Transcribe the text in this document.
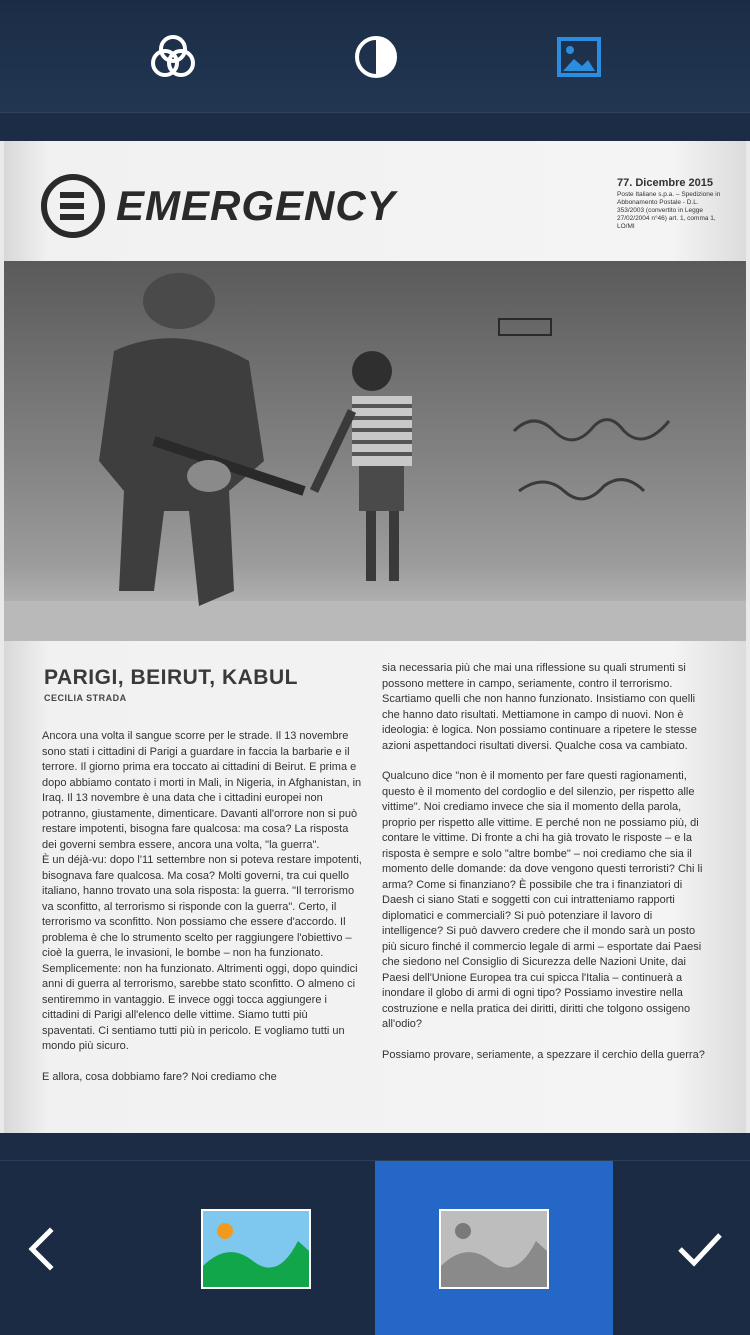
EMERGENCY	77. Dicembre 2015
Poste Italiane s.p.a. – Spedizione in Abbonamento Postale - D.L. 353/2003 (convertito in Legge 27/02/2004 n°46) art. 1, comma 1, LO/MI
PARIGI, BEIRUT, KABUL
CECILIA STRADA

Ancora una volta il sangue scorre per le strade. Il 13 novembre sono stati i cittadini di Parigi a guardare in faccia la barbarie e il terrore. Il giorno prima era toccato ai cittadini di Beirut. E prima e dopo abbiamo contato i morti in Mali, in Nigeria, in Afghanistan, in Iraq. Il 13 novembre è una data che i cittadini europei non potranno, giustamente, dimenticare. Davanti all'orrore non si può restare impotenti, bisogna fare qualcosa: ma cosa? La risposta dei governi sembra essere, ancora una volta, "la guerra".
È un déjà-vu: dopo l'11 settembre non si poteva restare impotenti, bisognava fare qualcosa. Ma cosa? Molti governi, tra cui quello italiano, hanno trovato una sola risposta: la guerra. "Il terrorismo va sconfitto, al terrorismo si risponde con la guerra". Certo, il terrorismo va sconfitto. Non possiamo che essere d'accordo. Il problema è che lo strumento scelto per raggiungere l'obiettivo – cioè la guerra, le invasioni, le bombe – non ha funzionato. Semplicemente: non ha funzionato. Altrimenti oggi, dopo quindici anni di guerra al terrorismo, sarebbe stato sconfitto. O almeno ci sentiremmo in vantaggio. E invece oggi tocca aggiungere i cittadini di Parigi all'elenco delle vittime. Siamo tutti più spaventati. Ci sentiamo tutti più in pericolo. E vogliamo tutti un mondo più sicuro.

E allora, cosa dobbiamo fare? Noi crediamo che

sia necessaria più che mai una riflessione su quali strumenti si possono mettere in campo, seriamente, contro il terrorismo. Scartiamo quelli che non hanno funzionato. Insistiamo con quelli che hanno dato risultati. Mettiamone in campo di nuovi. Non è ideologia: è logica. Non possiamo continuare a ripetere le stesse azioni aspettandoci risultati diversi. Qualche cosa va cambiato.

Qualcuno dice "non è il momento per fare questi ragionamenti, questo è il momento del cordoglio e del silenzio, per rispetto alle vittime". Noi crediamo invece che sia il momento della parola, proprio per rispetto alle vittime. E perché non ne possiamo più, di contare le vittime. Di fronte a chi ha già trovato le risposte – e la risposta è sempre e solo "altre bombe" – noi crediamo che sia il momento delle domande: da dove vengono questi terroristi? Chi li arma? Come si finanziano? È possibile che tra i finanziatori di Daesh ci siano Stati e soggetti con cui intratteniamo rapporti diplomatici e commerciali? Si può potenziare il lavoro di intelligence? Si può davvero credere che il mondo sarà un posto più sicuro finché il commercio legale di armi – esportate dai Paesi che siedono nel Consiglio di Sicurezza delle Nazioni Unite, dai Paesi dell'Unione Europea tra cui spicca l'Italia – continuerà a inondare il globo di armi di ogni tipo? Possiamo investire nella costruzione e nella pratica dei diritti, diritti che tolgono ossigeno all'odio?

Possiamo provare, seriamente, a spezzare il cerchio della guerra?
